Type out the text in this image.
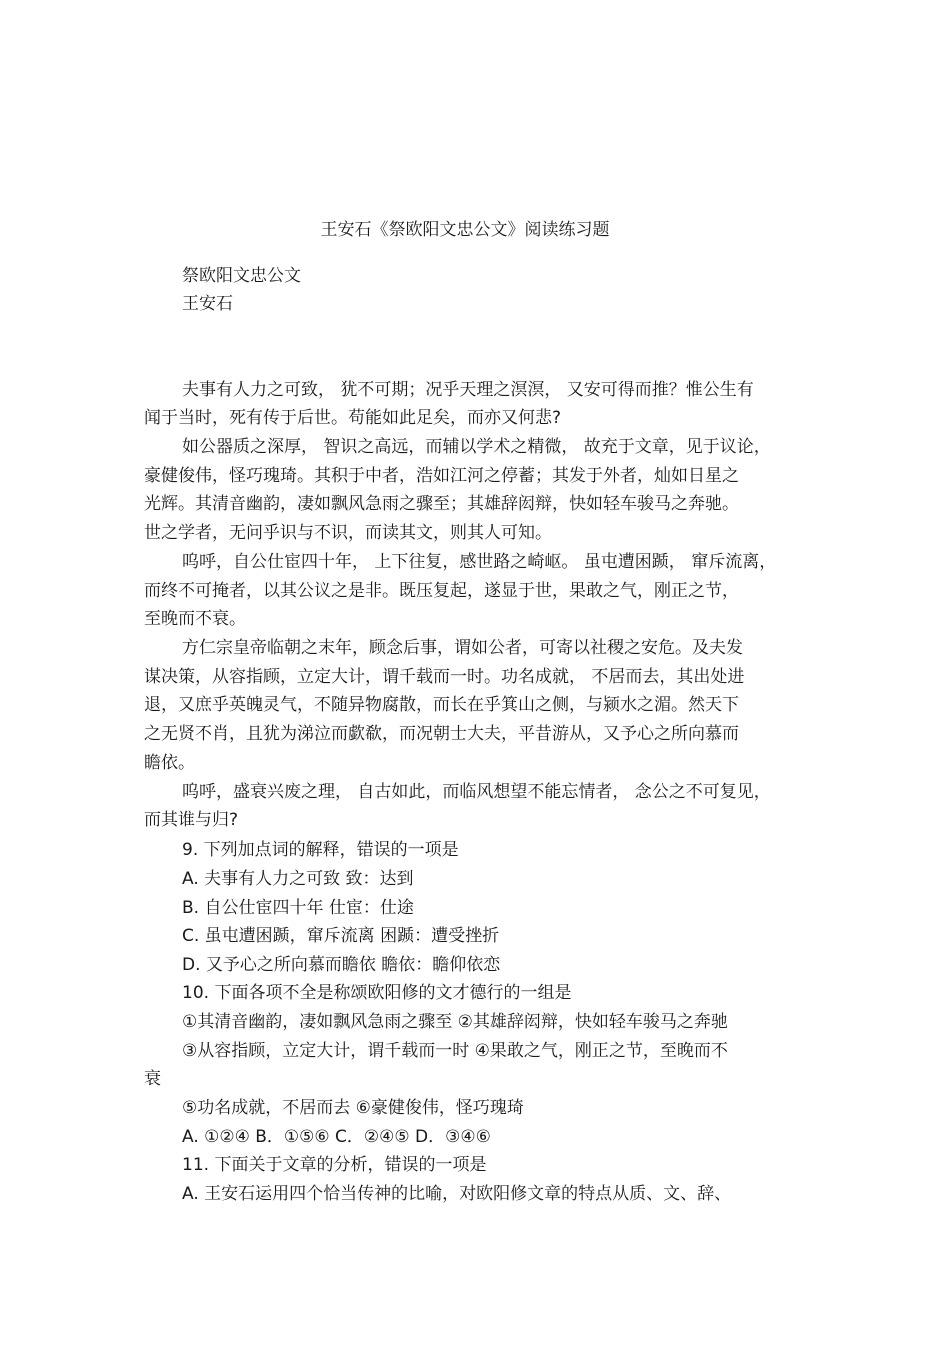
王安石《祭欧阳文忠公文》阅读练习题
祭欧阳文忠公文
王安石
夫事有人力之可致， 犹不可期；况乎天理之溟溟， 又安可得而推？惟公生有
闻于当时，死有传于后世。苟能如此足矣，而亦又何悲?
如公器质之深厚， 智识之高远，而辅以学术之精微， 故充于文章，见于议论，
豪健俊伟，怪巧瑰琦。其积于中者，浩如江河之停蓄；其发于外者，灿如日星之
光辉。其清音幽韵，凄如飘风急雨之骤至；其雄辞闳辩，快如轻车骏马之奔驰。
世之学者，无问乎识与不识，而读其文，则其人可知。
呜呼，自公仕宦四十年， 上下往复，感世路之崎岖。 虽屯遭困踬， 窜斥流离，
而终不可掩者，以其公议之是非。既压复起，遂显于世，果敢之气，刚正之节，
至晚而不衰。
方仁宗皇帝临朝之末年，顾念后事，谓如公者，可寄以社稷之安危。及夫发
谋决策，从容指顾，立定大计，谓千载而一时。功名成就， 不居而去，其出处进
退，又庶乎英魄灵气，不随异物腐散，而长在乎箕山之侧，与颍水之湄。然天下
之无贤不肖，且犹为涕泣而歔欷，而况朝士大夫，平昔游从，又予心之所向慕而
瞻依。
呜呼，盛衰兴废之理， 自古如此，而临风想望不能忘情者， 念公之不可复见，
而其谁与归?
9. 下列加点词的解释，错误的一项是
A. 夫事有人力之可致 致：达到
B. 自公仕宦四十年 仕宦：仕途
C. 虽屯遭困踬，窜斥流离 困踬：遭受挫折
D. 又予心之所向慕而瞻依 瞻依：瞻仰依恋
10. 下面各项不全是称颂欧阳修的文才德行的一组是
①其清音幽韵，凄如飘风急雨之骤至 ②其雄辞闳辩，快如轻车骏马之奔驰
③从容指顾，立定大计，谓千载而一时 ④果敢之气，刚正之节，至晚而不
衰
⑤功名成就，不居而去 ⑥豪健俊伟，怪巧瑰琦
A. ①②④ B．①⑤⑥ C．②④⑤ D．③④⑥
11. 下面关于文章的分析，错误的一项是
A. 王安石运用四个恰当传神的比喻，对欧阳修文章的特点从质、文、辞、
